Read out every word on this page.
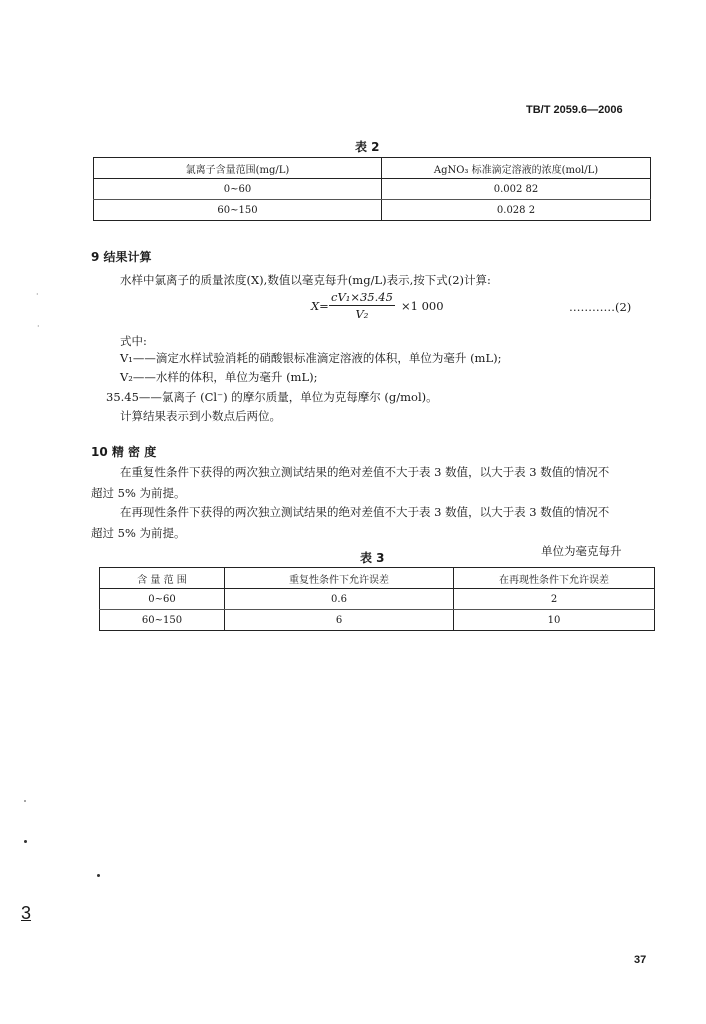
TB/T 2059.6—2006
表 2
氯离子含量范围(mg/L)	AgNO₃ 标准滴定溶液的浓度(mol/L)
0~60	0.002 82
60~150	0.028 2
9 结果计算
水样中氯离子的质量浓度(X),数值以毫克每升(mg/L)表示,按下式(2)计算:
$X= \frac{\text{cV₁×35.45}}{\text{V₂}} \times 1$ 000	…………(2)
式中:
V₁——滴定水样试验消耗的硝酸银标准滴定溶液的体积，单位为毫升 (mL);
V₂——水样的体积，单位为毫升 (mL);
35.45——氯离子 (Cl⁻) 的摩尔质量，单位为克每摩尔 (g/mol)。
计算结果表示到小数点后两位。
10 精 密 度
在重复性条件下获得的两次独立测试结果的绝对差值不大于表 3 数值，以大于表 3 数值的情况不
超过 5% 为前提。
在再现性条件下获得的两次独立测试结果的绝对差值不大于表 3 数值，以大于表 3 数值的情况不
超过 5% 为前提。
表 3	单位为毫克每升
含 量 范 围	重复性条件下允许误差	在再现性条件下允许误差
0~60	0.6	2
60~150	6	10
·
·
3
37
